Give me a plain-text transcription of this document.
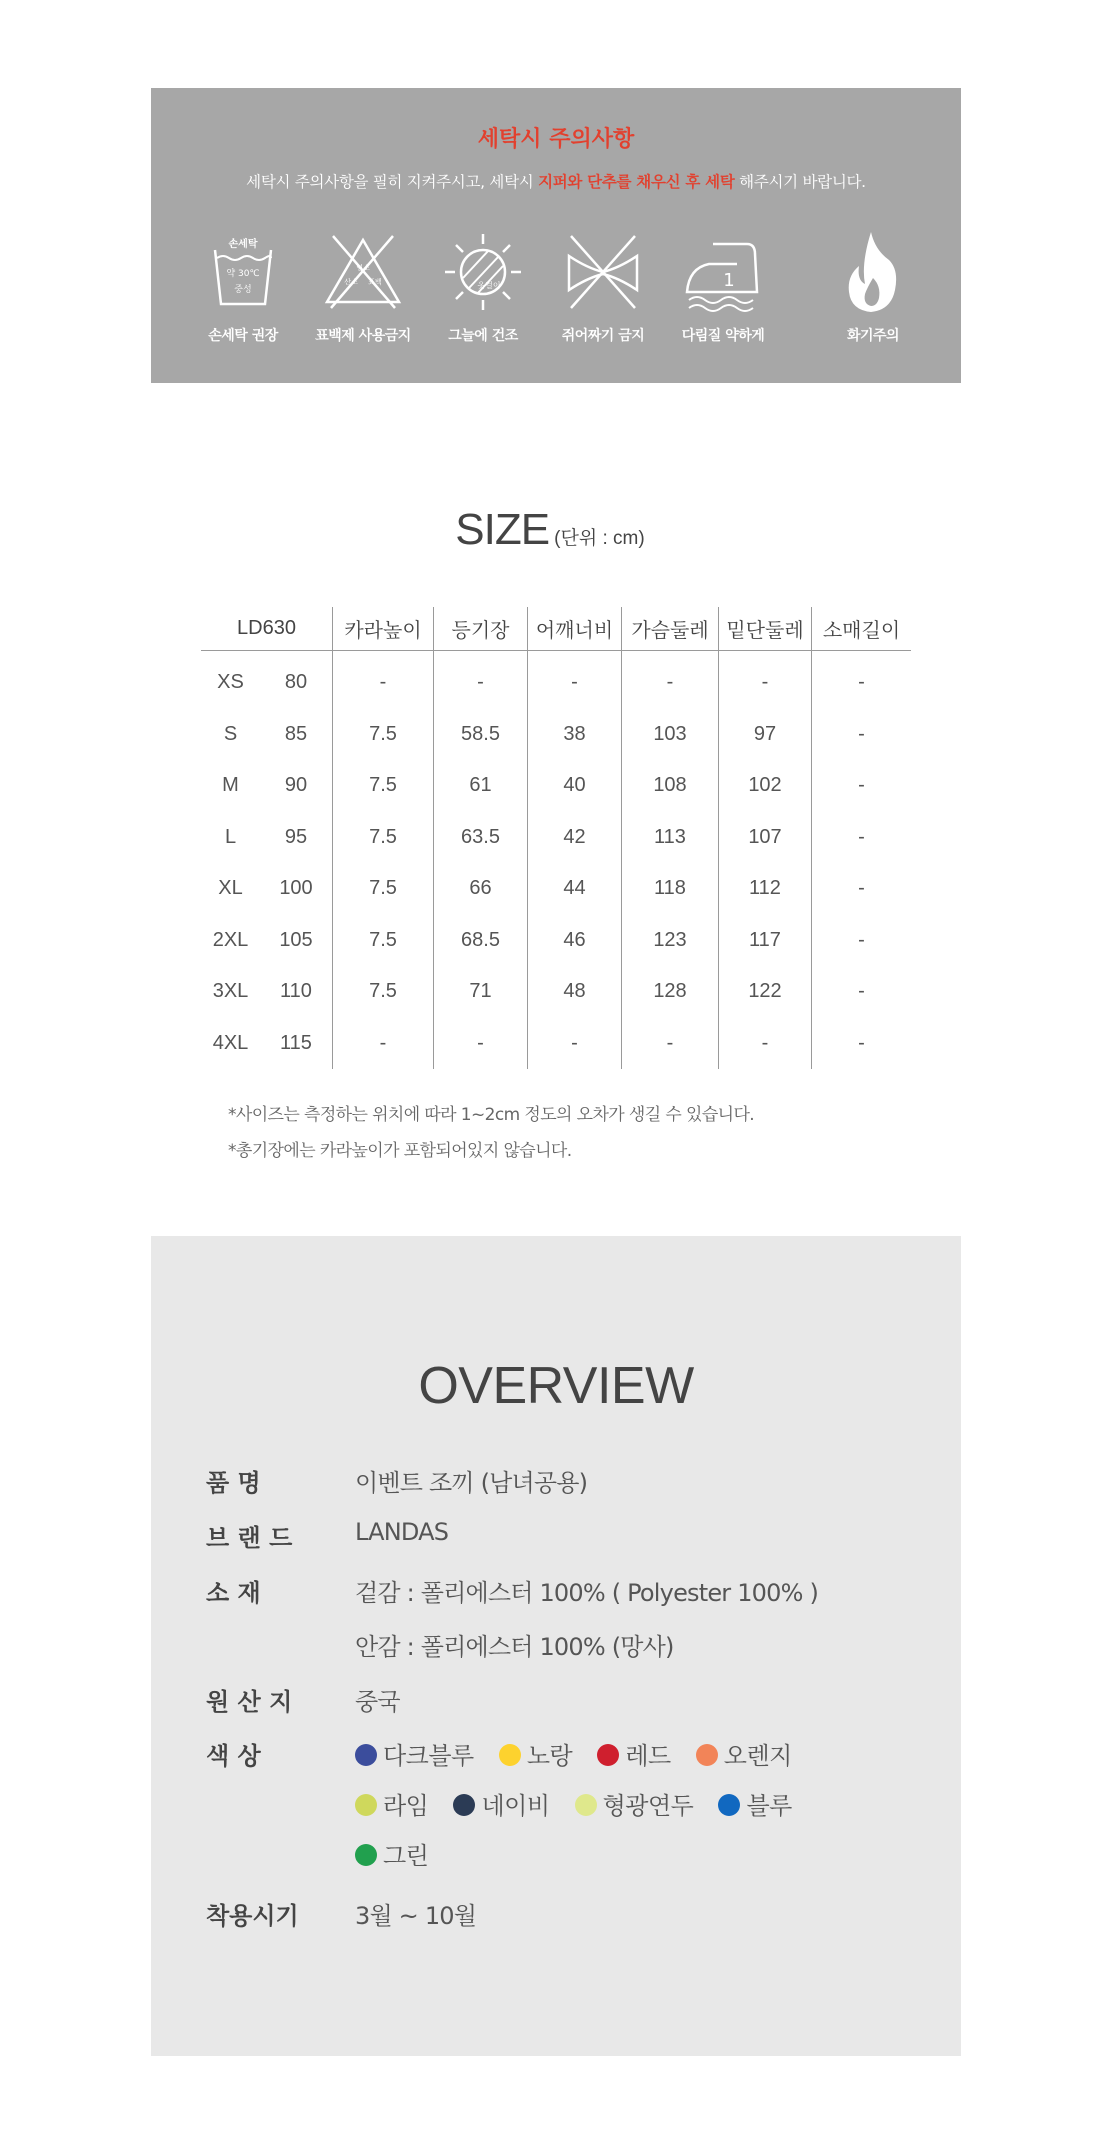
세탁시 주의사항
세탁시 주의사항을 필히 지켜주시고, 세탁시 지퍼와 단추를 채우신 후 세탁 해주시기 바랍니다.
손세탁
약 30℃
중성
손세탁 권장
염소
산소 표백
표백제 사용금지
옷걸이
그늘에 건조	쥐어짜기 금지
1
다림질 약하게	화기주의
SIZE (단위 : cm)
LD630		카라높이	등기장	어깨너비	가슴둘레	밑단둘레	소매길이
XS	80	-	-	-	-	-	-
S	85	7.5	58.5	38	103	97	-
M	90	7.5	61	40	108	102	-
L	95	7.5	63.5	42	113	107	-
XL	100	7.5	66	44	118	112	-
2XL	105	7.5	68.5	46	123	117	-
3XL	110	7.5	71	48	128	122	-
4XL	115	-	-	-	-	-	-
*사이즈는 측정하는 위치에 따라 1~2cm 정도의 오차가 생길 수 있습니다.
*총기장에는 카라높이가 포함되어있지 않습니다.
OVERVIEW
품 명	이벤트 조끼 (남녀공용)
브 랜 드	LANDAS
소 재	겉감 : 폴리에스터 100% ( Polyester 100% )
안감 : 폴리에스터 100% (망사)
원 산 지	중국
색 상	다크블루 노랑 레드 오렌지
라임 네이비 형광연두 블루
그린
착용시기 3월 ~ 10월
